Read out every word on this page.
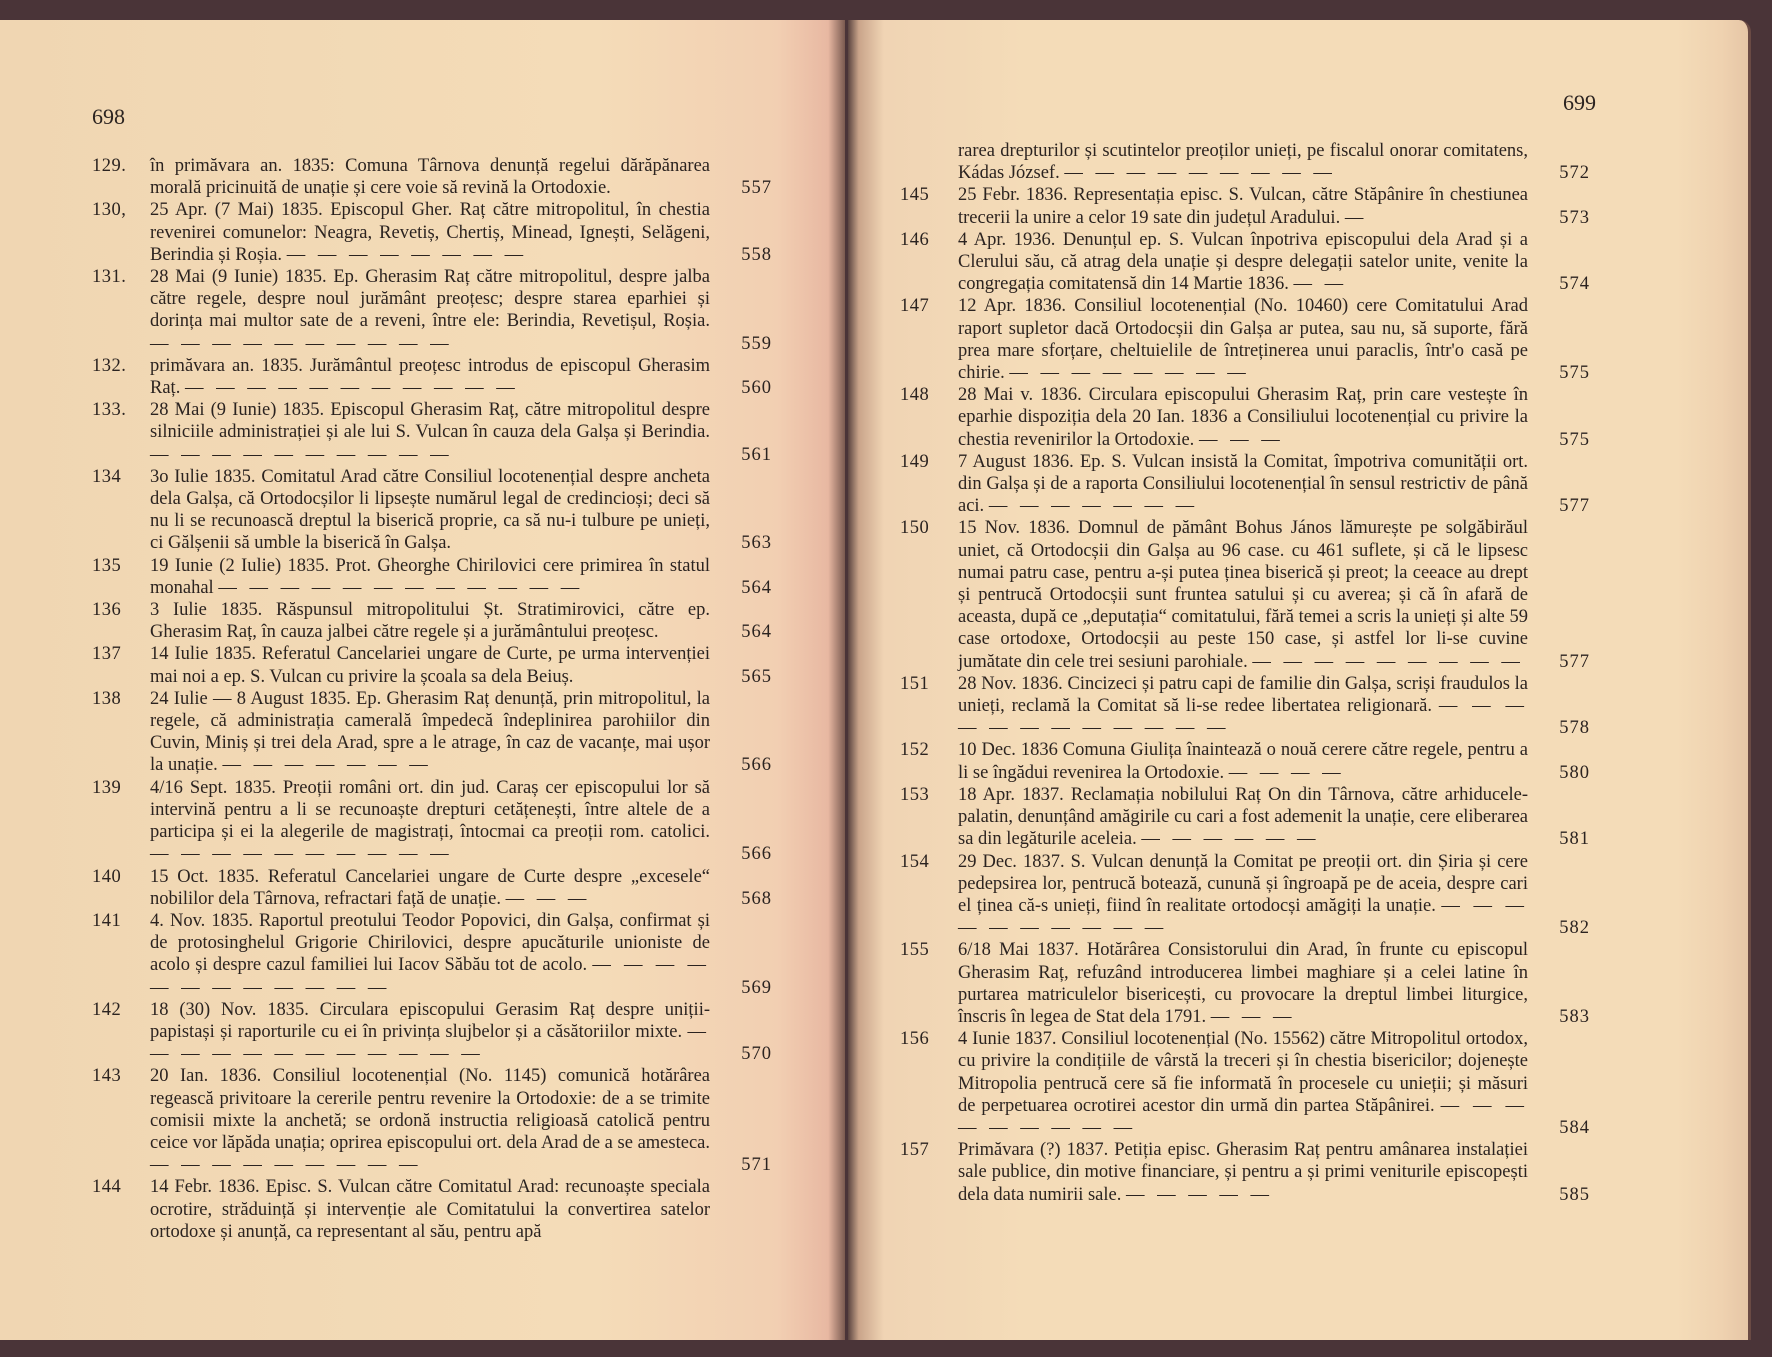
698
129.	în primăvara an. 1835: Comuna Târnova denunță regelui dărăpănarea morală pricinuită de unație și cere voie să revină la Ortodoxie.	557
130,	25 Apr. (7 Mai) 1835. Episcopul Gher. Raț către mitropolitul, în chestia revenirei comunelor: Neagra, Revetiș, Chertiș, Minead, Ignești, Selăgeni, Berindia și Roșia. — — — — — — — —	558
131.	28 Mai (9 Iunie) 1835. Ep. Gherasim Raț către mitropolitul, despre jalba către regele, despre noul jurământ preoțesc; despre starea eparhiei și dorința mai multor sate de a reveni, între ele: Berindia, Revetișul, Roșia. — — — — — — — — — —	559
132.	primăvara an. 1835. Jurământul preoțesc introdus de episcopul Gherasim Raț. — — — — — — — — — — —	560
133.	28 Mai (9 Iunie) 1835. Episcopul Gherasim Raț, către mitropolitul despre silniciile administrației și ale lui S. Vulcan în cauza dela Galșa și Berindia. — — — — — — — — — —	561
134	3o Iulie 1835. Comitatul Arad către Consiliul locotenențial despre ancheta dela Galșa, că Ortodocșilor li lipsește numărul legal de credincioși; deci să nu li se recunoască dreptul la biserică proprie, ca să nu-i tulbure pe unieți, ci Gălșenii să umble la biserică în Galșa.	563
135	19 Iunie (2 Iulie) 1835. Prot. Gheorghe Chirilovici cere primirea în statul monahal — — — — — — — — — — — —	564
136	3 Iulie 1835. Răspunsul mitropolitului Șt. Stratimirovici, către ep. Gherasim Raț, în cauza jalbei către regele și a jurământului preoțesc.	564
137	14 Iulie 1835. Referatul Cancelariei ungare de Curte, pe urma intervenției mai noi a ep. S. Vulcan cu privire la școala sa dela Beiuș.	565
138	24 Iulie — 8 August 1835. Ep. Gherasim Raț denunță, prin mitropolitul, la regele, că administrația camerală împedecă îndeplinirea parohiilor din Cuvin, Miniș și trei dela Arad, spre a le atrage, în caz de vacanțe, mai ușor la unație. — — — — — — —	566
139	4/16 Sept. 1835. Preoții români ort. din jud. Caraș cer episcopului lor să intervină pentru a li se recunoaște drepturi cetățenești, între altele de a participa și ei la alegerile de magistrați, întocmai ca preoții rom. catolici. — — — — — — — — — —	566
140	15 Oct. 1835. Referatul Cancelariei ungare de Curte despre „excesele“ nobililor dela Târnova, refractari față de unație. — — —	568
141	4. Nov. 1835. Raportul preotului Teodor Popovici, din Galșa, confirmat și de protosinghelul Grigorie Chirilovici, despre apucăturile unioniste de acolo și despre cazul familiei lui Iacov Săbău tot de acolo. — — — — — — — — — — — —	569
142	18 (30) Nov. 1835. Circulara episcopului Gerasim Raț despre uniții-papistași și raporturile cu ei în privința slujbelor și a căsătoriilor mixte. — — — — — — — — — — — —	570
143	20 Ian. 1836. Consiliul locotenențial (No. 1145) comunică hotărârea regească privitoare la cererile pentru revenire la Ortodoxie: de a se trimite comisii mixte la anchetă; se ordonă instructia religioasă catolică pentru ceice vor lăpăda unația; oprirea episcopului ort. dela Arad de a se amesteca. — — — — — — — — —	571
144	14 Febr. 1836. Episc. S. Vulcan către Comitatul Arad: recunoaște speciala ocrotire, străduință și intervenție ale Comitatului la convertirea satelor ortodoxe și anunță, ca representant al său, pentru apă
699
rarea drepturilor și scutintelor preoților unieți, pe fiscalul onorar comitatens, Kádas József. — — — — — — — — —	572
145	25 Febr. 1836. Representația episc. S. Vulcan, către Stăpânire în chestiunea trecerii la unire a celor 19 sate din județul Aradului. —	573
146	4 Apr. 1936. Denunțul ep. S. Vulcan înpotriva episcopului dela Arad și a Clerului său, că atrag dela unație și despre delegații satelor unite, venite la congregația comitatensă din 14 Martie 1836. — —	574
147	12 Apr. 1836. Consiliul locotenențial (No. 10460) cere Comitatului Arad raport supletor dacă Ortodocșii din Galșa ar putea, sau nu, să suporte, fără prea mare sforțare, cheltuielile de întreținerea unui paraclis, într'o casă pe chirie. — — — — — — — —	575
148	28 Mai v. 1836. Circulara episcopului Gherasim Raț, prin care vestește în eparhie dispoziția dela 20 Ian. 1836 a Consiliului locotenențial cu privire la chestia revenirilor la Ortodoxie. — — —	575
149	7 August 1836. Ep. S. Vulcan insistă la Comitat, împotriva comunității ort. din Galșa și de a raporta Consiliului locotenențial în sensul restrictiv de până aci. — — — — — — —	577
150	15 Nov. 1836. Domnul de pământ Bohus János lămurește pe solgăbirăul uniet, că Ortodocșii din Galșa au 96 case. cu 461 suflete, și că le lipsesc numai patru case, pentru a-și putea ținea biserică și preot; la ceeace au drept și pentrucă Ortodocșii sunt fruntea satului și cu averea; și că în afară de aceasta, după ce „deputația“ comitatului, fără temei a scris la unieți și alte 59 case ortodoxe, Ortodocșii au peste 150 case, și astfel lor li-se cuvine jumătate din cele trei sesiuni parohiale. — — — — — — — — —	577
151	28 Nov. 1836. Cincizeci și patru capi de familie din Galșa, scriși fraudulos la unieți, reclamă la Comitat să li-se redee libertatea religionară. — — — — — — — — — — — —	578
152	10 Dec. 1836 Comuna Giulița înaintează o nouă cerere către regele, pentru a li se îngădui revenirea la Ortodoxie. — — — —	580
153	18 Apr. 1837. Reclamația nobilului Raț On din Târnova, către arhiducele-palatin, denunțând amăgirile cu cari a fost ademenit la unație, cere eliberarea sa din legăturile aceleia. — — — — — —	581
154	29 Dec. 1837. S. Vulcan denunță la Comitat pe preoții ort. din Șiria și cere pedepsirea lor, pentrucă botează, cunună și îngroapă pe de aceia, despre cari el ținea că-s unieți, fiind în realitate ortodocși amăgiți la unație. — — — — — — — — — —	582
155	6/18 Mai 1837. Hotărârea Consistorului din Arad, în frunte cu episcopul Gherasim Raț, refuzând introducerea limbei maghiare și a celei latine în purtarea matriculelor bisericești, cu provocare la dreptul limbei liturgice, înscris în legea de Stat dela 1791. — — —	583
156	4 Iunie 1837. Consiliul locotenențial (No. 15562) către Mitropolitul ortodox, cu privire la condițiile de vârstă la treceri și în chestia bisericilor; dojenește Mitropolia pentrucă cere să fie informată în procesele cu unieții; și măsuri de perpetuarea ocrotirei acestor din urmă din partea Stăpânirei. — — — — — — — — —	584
157	Primăvara (?) 1837. Petiția episc. Gherasim Raț pentru amânarea instalației sale publice, din motive financiare, și pentru a și primi veniturile episcopești dela data numirii sale. — — — — —	585
